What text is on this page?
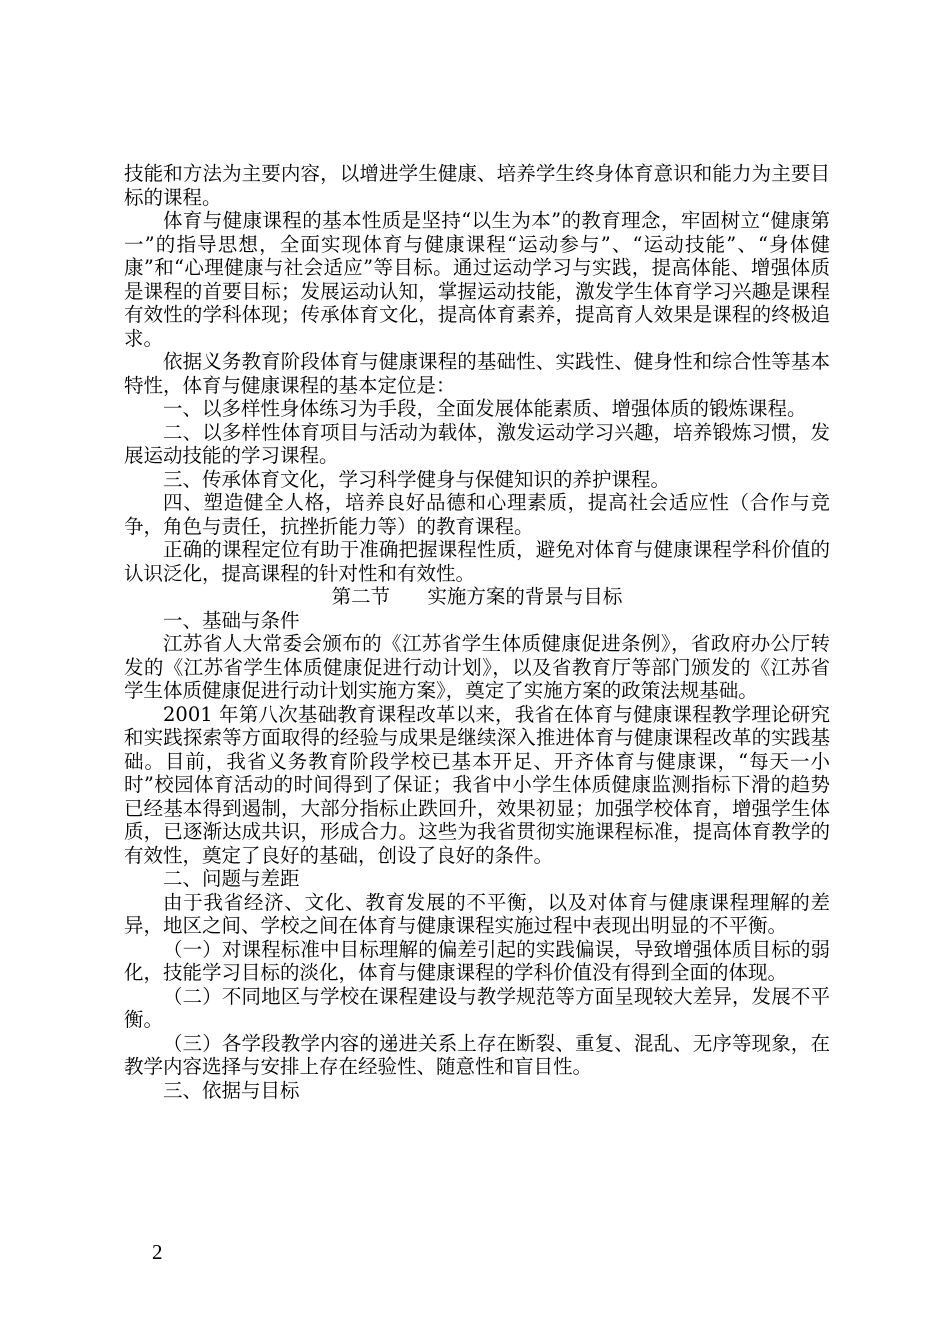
技能和方法为主要内容，以增进学生健康、培养学生终身体育意识和能力为主要目标的课程。

体育与健康课程的基本性质是坚持“以生为本”的教育理念，牢固树立“健康第一”的指导思想，全面实现体育与健康课程“运动参与”、“运动技能”、“身体健康”和“心理健康与社会适应”等目标。通过运动学习与实践，提高体能、增强体质是课程的首要目标；发展运动认知，掌握运动技能，激发学生体育学习兴趣是课程有效性的学科体现；传承体育文化，提高体育素养，提高育人效果是课程的终极追求。

依据义务教育阶段体育与健康课程的基础性、实践性、健身性和综合性等基本特性，体育与健康课程的基本定位是：

一、以多样性身体练习为手段，全面发展体能素质、增强体质的锻炼课程。

二、以多样性体育项目与活动为载体，激发运动学习兴趣，培养锻炼习惯，发展运动技能的学习课程。

三、传承体育文化，学习科学健身与保健知识的养护课程。

四、塑造健全人格，培养良好品德和心理素质，提高社会适应性（合作与竞争，角色与责任，抗挫折能力等）的教育课程。

正确的课程定位有助于准确把握课程性质，避免对体育与健康课程学科价值的认识泛化，提高课程的针对性和有效性。

第二节      实施方案的背景与目标

一、基础与条件

江苏省人大常委会颁布的《江苏省学生体质健康促进条例》，省政府办公厅转发的《江苏省学生体质健康促进行动计划》，以及省教育厅等部门颁发的《江苏省学生体质健康促进行动计划实施方案》，奠定了实施方案的政策法规基础。

2001 年第八次基础教育课程改革以来，我省在体育与健康课程教学理论研究和实践探索等方面取得的经验与成果是继续深入推进体育与健康课程改革的实践基础。目前，我省义务教育阶段学校已基本开足、开齐体育与健康课，“每天一小时”校园体育活动的时间得到了保证；我省中小学生体质健康监测指标下滑的趋势已经基本得到遏制，大部分指标止跌回升，效果初显；加强学校体育，增强学生体质，已逐渐达成共识，形成合力。这些为我省贯彻实施课程标准，提高体育教学的有效性，奠定了良好的基础，创设了良好的条件。

二、问题与差距

由于我省经济、文化、教育发展的不平衡，以及对体育与健康课程理解的差异，地区之间、学校之间在体育与健康课程实施过程中表现出明显的不平衡。

（一）对课程标准中目标理解的偏差引起的实践偏误，导致增强体质目标的弱化，技能学习目标的淡化，体育与健康课程的学科价值没有得到全面的体现。

（二）不同地区与学校在课程建设与教学规范等方面呈现较大差异，发展不平衡。

（三）各学段教学内容的递进关系上存在断裂、重复、混乱、无序等现象，在教学内容选择与安排上存在经验性、随意性和盲目性。

三、依据与目标

2
